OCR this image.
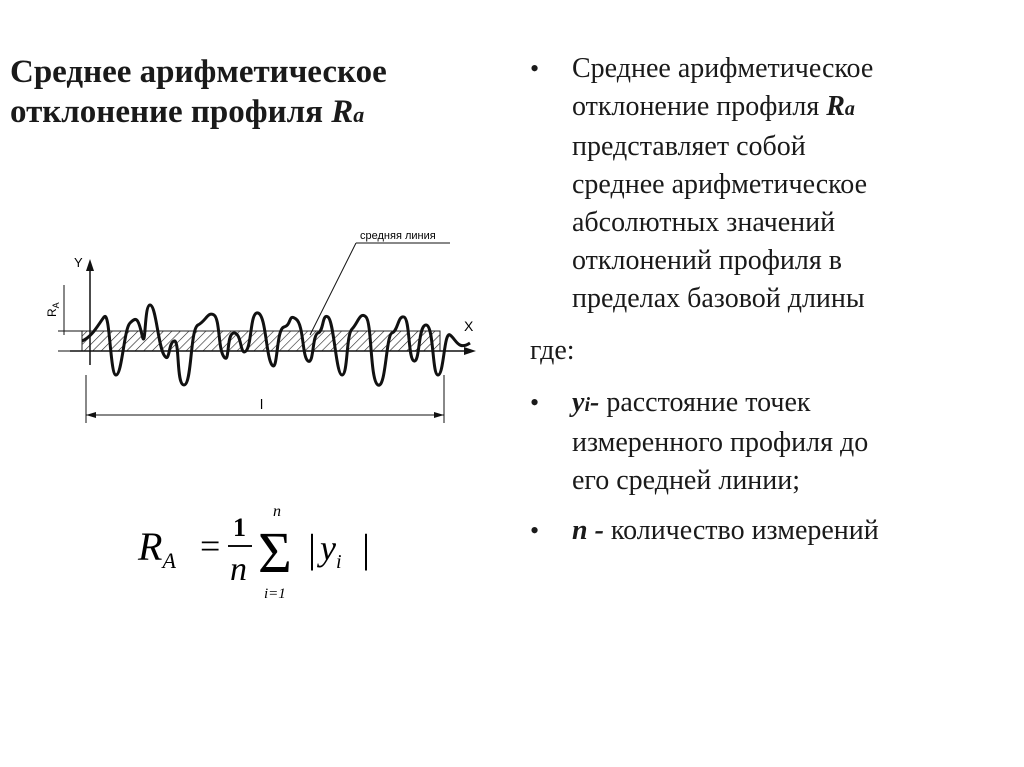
Среднее арифметическое отклонение профиля Ra
Y
X
$R_A$
средняя линия
l
$R_A = 1$
n
n
Σ
i=1
| $y_i$ |
• Среднее арифметическое
отклонение профиля Ra
представляет собой
среднее арифметическое
абсолютных значений
отклонений профиля в
пределах базовой длины
где:
• yi- расстояние точек
измеренного профиля до
его средней линии;
• n - количество измерений
